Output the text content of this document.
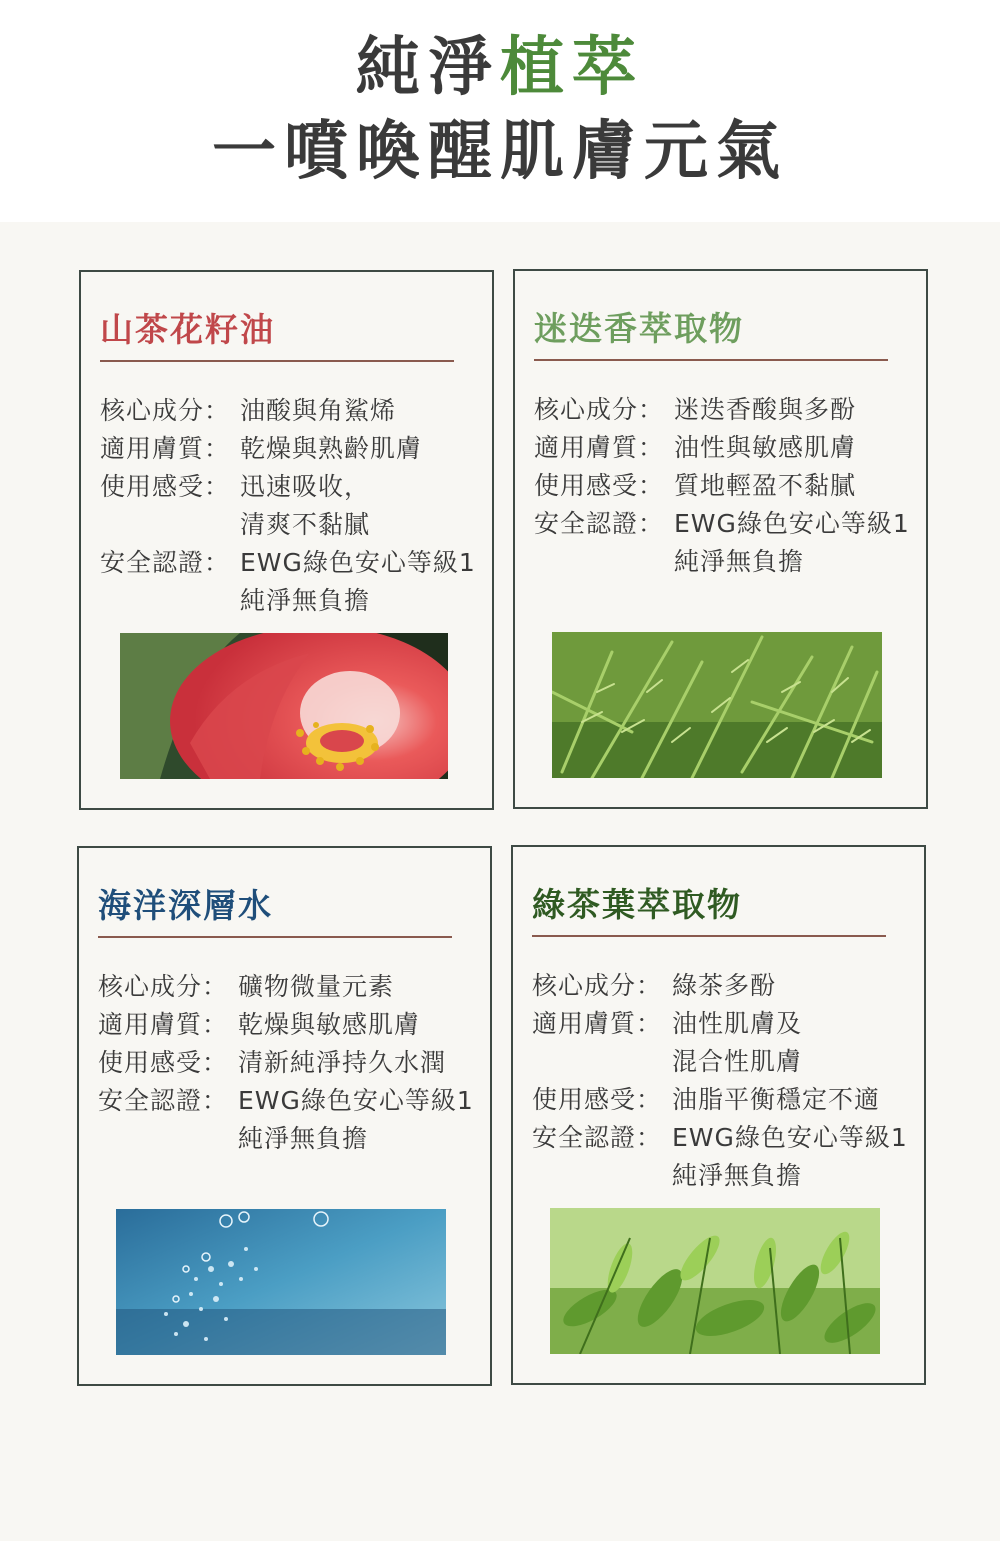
純淨植萃
一噴喚醒肌膚元氣
山茶花籽油
核心成分： 油酸與角鯊烯
適用膚質： 乾燥與熟齡肌膚
使用感受： 迅速吸收，
清爽不黏膩
安全認證： EWG綠色安心等級1
純淨無負擔
迷迭香萃取物
核心成分： 迷迭香酸與多酚
適用膚質： 油性與敏感肌膚
使用感受： 質地輕盈不黏膩
安全認證： EWG綠色安心等級1
純淨無負擔
海洋深層水
核心成分： 礦物微量元素
適用膚質： 乾燥與敏感肌膚
使用感受： 清新純淨持久水潤
安全認證： EWG綠色安心等級1
純淨無負擔
綠茶葉萃取物
核心成分： 綠茶多酚
適用膚質： 油性肌膚及
混合性肌膚
使用感受： 油脂平衡穩定不適
安全認證： EWG綠色安心等級1
純淨無負擔
